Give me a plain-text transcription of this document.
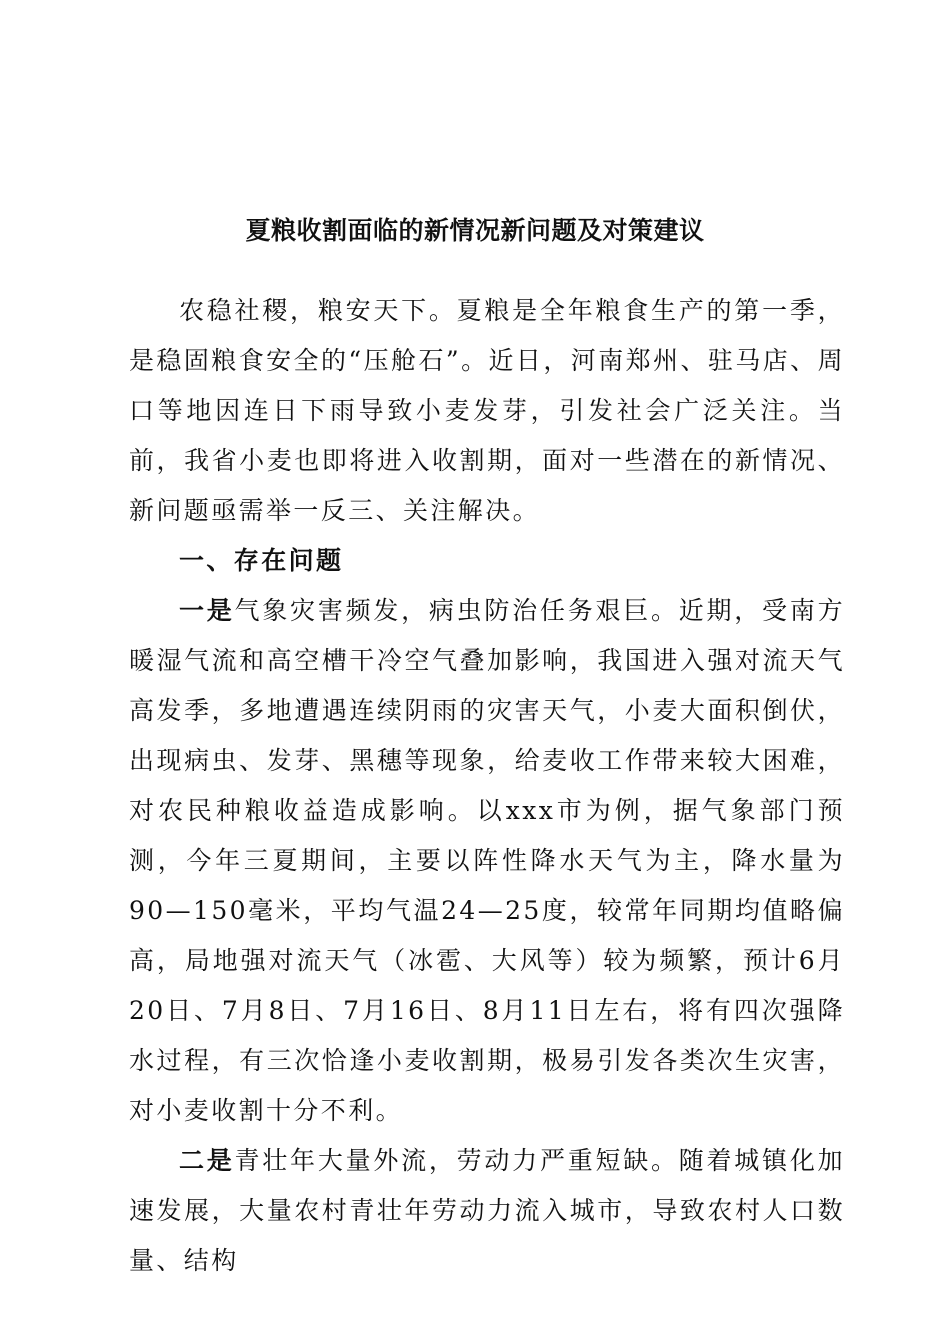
夏粮收割面临的新情况新问题及对策建议

农稳社稷，粮安天下。夏粮是全年粮食生产的第一季，是稳固粮食安全的“压舱石”。近日，河南郑州、驻马店、周口等地因连日下雨导致小麦发芽，引发社会广泛关注。当前，我省小麦也即将进入收割期，面对一些潜在的新情况、新问题亟需举一反三、关注解决。

一、存在问题

一是气象灾害频发，病虫防治任务艰巨。近期，受南方暖湿气流和高空槽干冷空气叠加影响，我国进入强对流天气高发季，多地遭遇连续阴雨的灾害天气，小麦大面积倒伏，出现病虫、发芽、黑穗等现象，给麦收工作带来较大困难，对农民种粮收益造成影响。以xxx市为例，据气象部门预测，今年三夏期间，主要以阵性降水天气为主，降水量为90—150毫米，平均气温24—25度，较常年同期均值略偏高，局地强对流天气（冰雹、大风等）较为频繁，预计6月20日、7月8日、7月16日、8月11日左右，将有四次强降水过程，有三次恰逢小麦收割期，极易引发各类次生灾害，对小麦收割十分不利。

二是青壮年大量外流，劳动力严重短缺。随着城镇化加速发展，大量农村青壮年劳动力流入城市，导致农村人口数量、结构
